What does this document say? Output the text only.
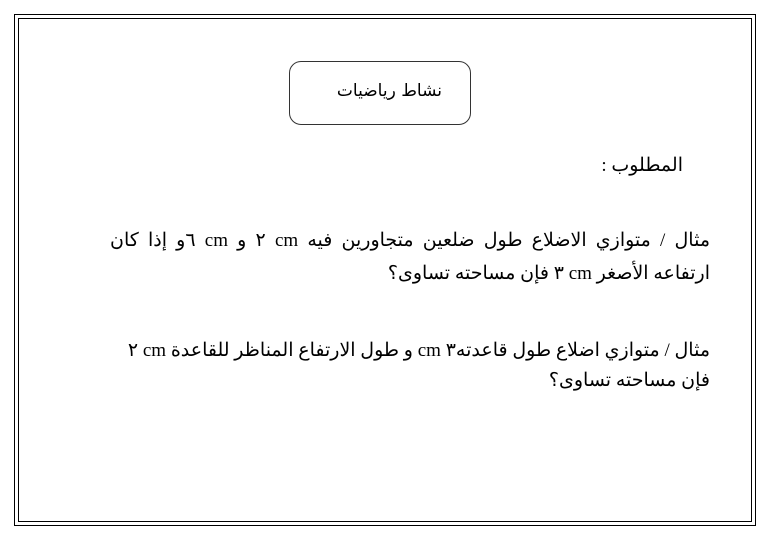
نشاط رياضيات
المطلوب :
مثال / متوازي الاضلاع طول ضلعين متجاورين فيه cm ٢ و cm ٦و إذا كان
ارتفاعه الأصغر cm ٣ فإن مساحته تساوى؟
مثال / متوازي اضلاع طول قاعدته٣ cm و طول الارتفاع المناظر للقاعدة cm ٢
فإن مساحته تساوى؟
